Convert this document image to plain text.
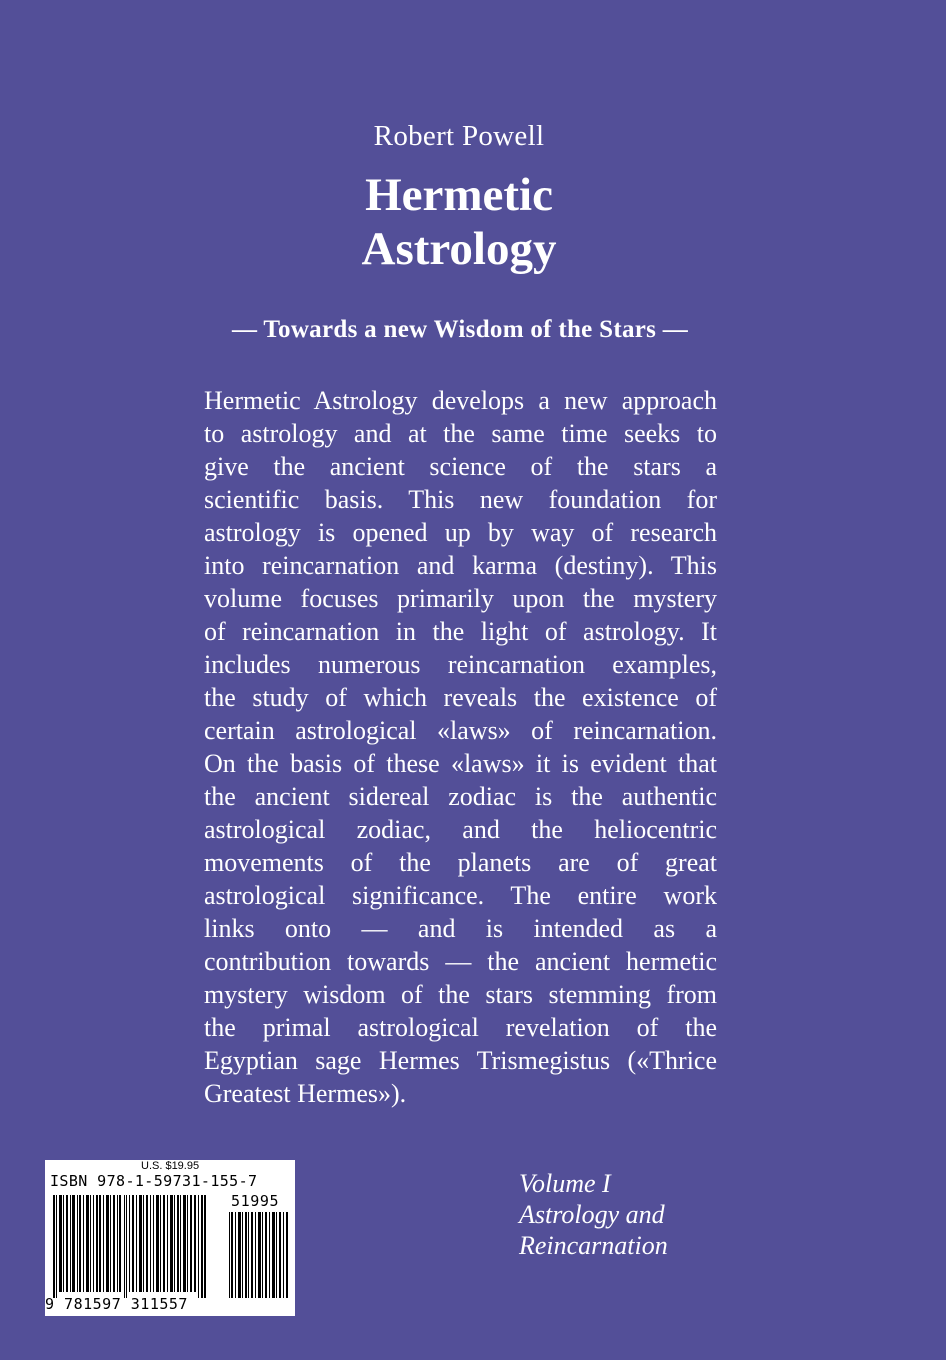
Robert Powell
Hermetic
Astrology
— Towards a new Wisdom of the Stars —

Hermetic Astrology develops a new approach
to astrology and at the same time seeks to
give the ancient science of the stars a
scientific basis. This new foundation for
astrology is opened up by way of research
into reincarnation and karma (destiny). This
volume focuses primarily upon the mystery
of reincarnation in the light of astrology. It
includes numerous reincarnation examples,
the study of which reveals the existence of
certain astrological «laws» of reincarnation.
On the basis of these «laws» it is evident that
the ancient sidereal zodiac is the authentic
astrological zodiac, and the heliocentric
movements of the planets are of great
astrological significance. The entire work
links onto — and is intended as a
contribution towards — the ancient hermetic
mystery wisdom of the stars stemming from
the primal astrological revelation of the
Egyptian sage Hermes Trismegistus («Thrice
Greatest Hermes»).

U.S. $19.95
ISBN 978-1-59731-155-7
51995
9 781597 311557
Volume I
Astrology and
Reincarnation
